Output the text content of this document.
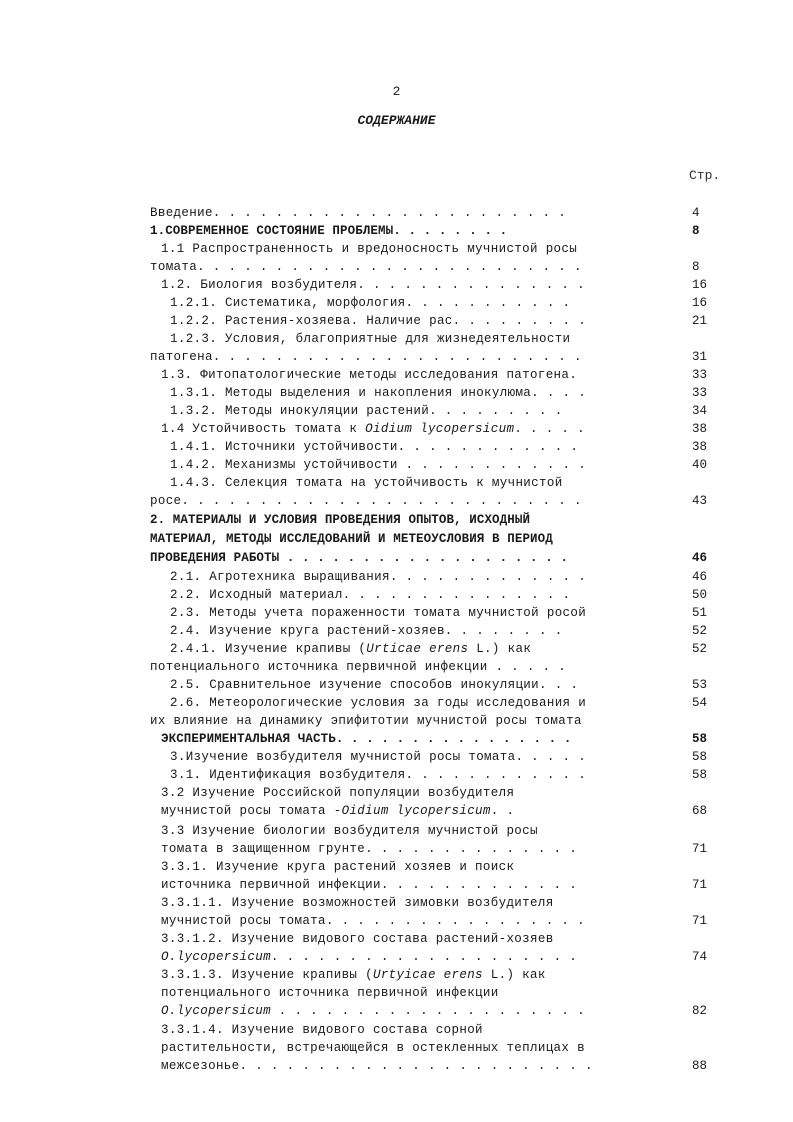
2
СОДЕРЖАНИЕ
Стр.
Введение. . . . . . . . . . . . . . . . . . . . . . .	4
1.СОВРЕМЕННОЕ СОСТОЯНИЕ ПРОБЛЕМЫ. . . . . . . .	8
1.1 Распространенность и вредоносность мучнистой росы
томата. . . . . . . . . . . . . . . . . . . . . . . . .	8
1.2. Биология возбудителя. . . . . . . . . . . . . . .	16
1.2.1. Систематика, морфология. . . . . . . . . . .	16
1.2.2. Растения-хозяева. Наличие рас. . . . . . . . .	21
1.2.3. Условия, благоприятные для жизнедеятельности
патогена. . . . . . . . . . . . . . . . . . . . . . . .	31
1.3. Фитопатологические методы исследования патогена.	33
1.3.1. Методы выделения и накопления инокулюма. . . .	33
1.3.2. Методы инокуляции растений. . . . . . . . .	34
1.4 Устойчивость томата к Oidium lycopersicum. . . . .	38
1.4.1. Источники устойчивости. . . . . . . . . . . .	38
1.4.2. Механизмы устойчивости . . . . . . . . . . . .	40
1.4.3. Селекция томата на устойчивость к мучнистой
росе. . . . . . . . . . . . . . . . . . . . . . . . . .	43
2. МАТЕРИАЛЫ И УСЛОВИЯ ПРОВЕДЕНИЯ ОПЫТОВ, ИСХОДНЫЙ
МАТЕРИАЛ, МЕТОДЫ ИССЛЕДОВАНИЙ И МЕТЕОУСЛОВИЯ В ПЕРИОД
ПРОВЕДЕНИЯ РАБОТЫ . . . . . . . . . . . . . . . . . . .	46
2.1. Агротехника выращивания. . . . . . . . . . . . .	46
2.2. Исходный материал. . . . . . . . . . . . . . .	50
2.3. Методы учета пораженности томата мучнистой росой	51
2.4. Изучение круга растений-хозяев. . . . . . . .	52
2.4.1. Изучение крапивы (Urticae erens L.) как	52
потенциального источника первичной инфекции . . . . .
2.5. Сравнительное изучение способов инокуляции. . .	53
2.6. Метеорологические условия за годы исследования и	54
их влияние на динамику эпифитотии мучнистой росы томата
ЭКСПЕРИМЕНТАЛЬНАЯ ЧАСТЬ. . . . . . . . . . . . . . . .	58
3.Изучение возбудителя мучнистой росы томата. . . . .	58
3.1. Идентификация возбудителя. . . . . . . . . . . .	58
3.2 Изучение Российской популяции возбудителя
мучнистой росы томата -Oidium lycopersicum. .	68
3.3 Изучение биологии возбудителя мучнистой росы
томата в защищенном грунте. . . . . . . . . . . . . .	71
3.3.1. Изучение круга растений хозяев и поиск
источника первичной инфекции. . . . . . . . . . . . .	71
3.3.1.1. Изучение возможностей зимовки возбудителя
мучнистой росы томата. . . . . . . . . . . . . . . . .	71
3.3.1.2. Изучение видового состава растений-хозяев
O.lycopersicum. . . . . . . . . . . . . . . . . . . .	74
3.3.1.3. Изучение крапивы (Urtyicae erens L.) как
потенциального источника первичной инфекции
O.lycopersicum . . . . . . . . . . . . . . . . . . . .	82
3.3.1.4. Изучение видового состава сорной
растительности, встречающейся в остекленных теплицах в
межсезонье. . . . . . . . . . . . . . . . . . . . . . .	88
